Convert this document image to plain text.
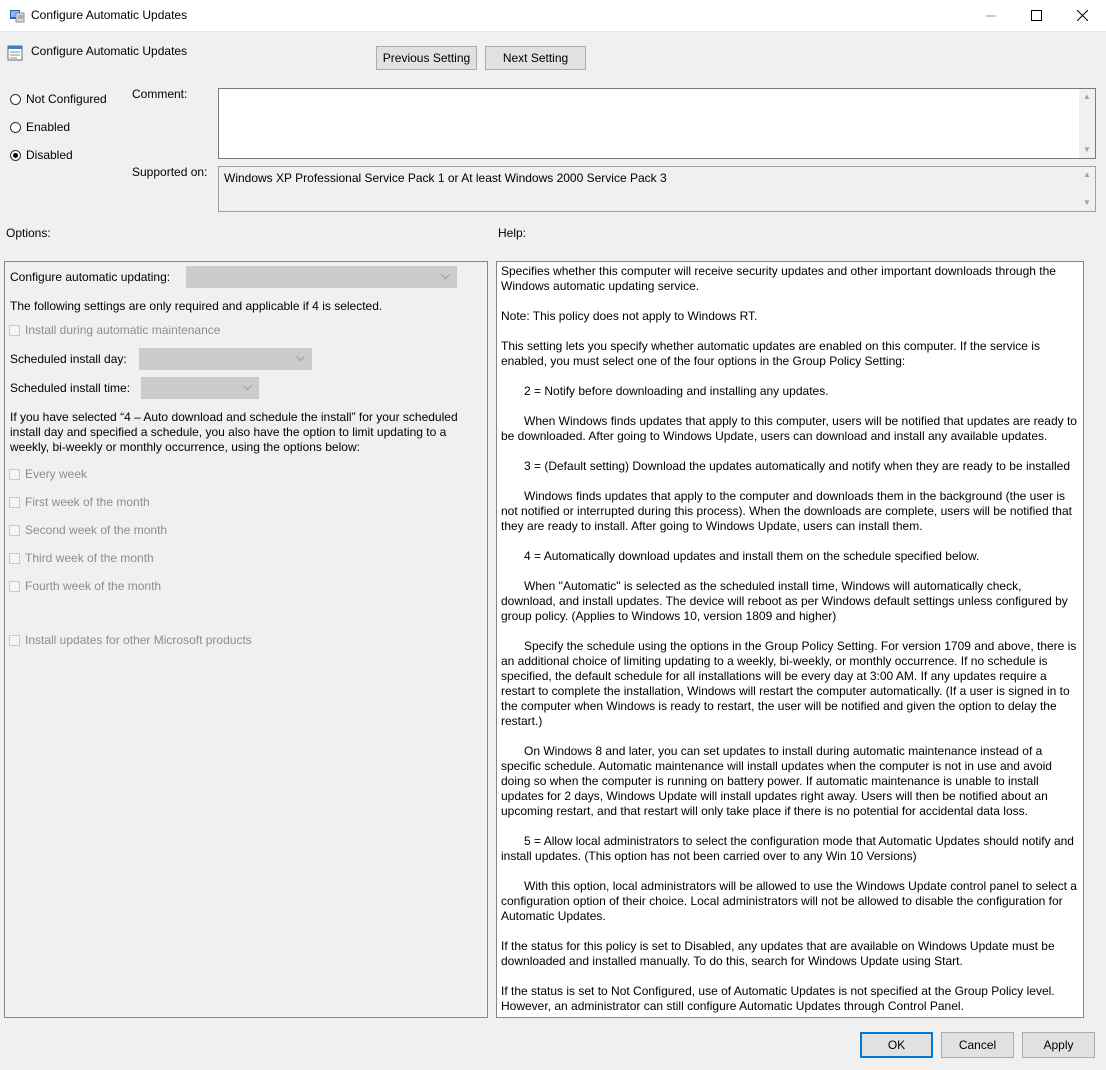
Configure Automatic Updates
Configure Automatic Updates	Previous Setting	Next Setting
Not Configured
Enabled
Disabled
Comment:	▲
▼
Supported on: Windows XP Professional Service Pack 1 or At least Windows 2000 Service Pack 3	▲
▼
Options:	Help:
Configure automatic updating:
The following settings are only required and applicable if 4 is selected.
Install during automatic maintenance
Scheduled install day:
Scheduled install time:
If you have selected “4 – Auto download and schedule the install” for your scheduled install day and specified a schedule, you also have the option to limit updating to a weekly, bi-weekly or monthly occurrence, using the options below:
Every week
First week of the month
Second week of the month
Third week of the month
Fourth week of the month
Install updates for other Microsoft products

Specifies whether this computer will receive security updates and other important downloads through the Windows automatic updating service.

Note: This policy does not apply to Windows RT.

This setting lets you specify whether automatic updates are enabled on this computer. If the service is enabled, you must select one of the four options in the Group Policy Setting:

2 = Notify before downloading and installing any updates.

When Windows finds updates that apply to this computer, users will be notified that updates are ready to be downloaded. After going to Windows Update, users can download and install any available updates.

3 = (Default setting) Download the updates automatically and notify when they are ready to be installed

Windows finds updates that apply to the computer and downloads them in the background (the user is not notified or interrupted during this process). When the downloads are complete, users will be notified that they are ready to install. After going to Windows Update, users can install them.

4 = Automatically download updates and install them on the schedule specified below.

When "Automatic" is selected as the scheduled install time, Windows will automatically check, download, and install updates. The device will reboot as per Windows default settings unless configured by group policy. (Applies to Windows 10, version 1809 and higher)

Specify the schedule using the options in the Group Policy Setting. For version 1709 and above, there is an additional choice of limiting updating to a weekly, bi-weekly, or monthly occurrence. If no schedule is specified, the default schedule for all installations will be every day at 3:00 AM. If any updates require a restart to complete the installation, Windows will restart the computer automatically. (If a user is signed in to the computer when Windows is ready to restart, the user will be notified and given the option to delay the restart.)

On Windows 8 and later, you can set updates to install during automatic maintenance instead of a specific schedule. Automatic maintenance will install updates when the computer is not in use and avoid doing so when the computer is running on battery power. If automatic maintenance is unable to install updates for 2 days, Windows Update will install updates right away. Users will then be notified about an upcoming restart, and that restart will only take place if there is no potential for accidental data loss.

5 = Allow local administrators to select the configuration mode that Automatic Updates should notify and install updates. (This option has not been carried over to any Win 10 Versions)

With this option, local administrators will be allowed to use the Windows Update control panel to select a configuration option of their choice. Local administrators will not be allowed to disable the configuration for Automatic Updates.

If the status for this policy is set to Disabled, any updates that are available on Windows Update must be downloaded and installed manually. To do this, search for Windows Update using Start.

If the status is set to Not Configured, use of Automatic Updates is not specified at the Group Policy level. However, an administrator can still configure Automatic Updates through Control Panel.

OK	Cancel	Apply
